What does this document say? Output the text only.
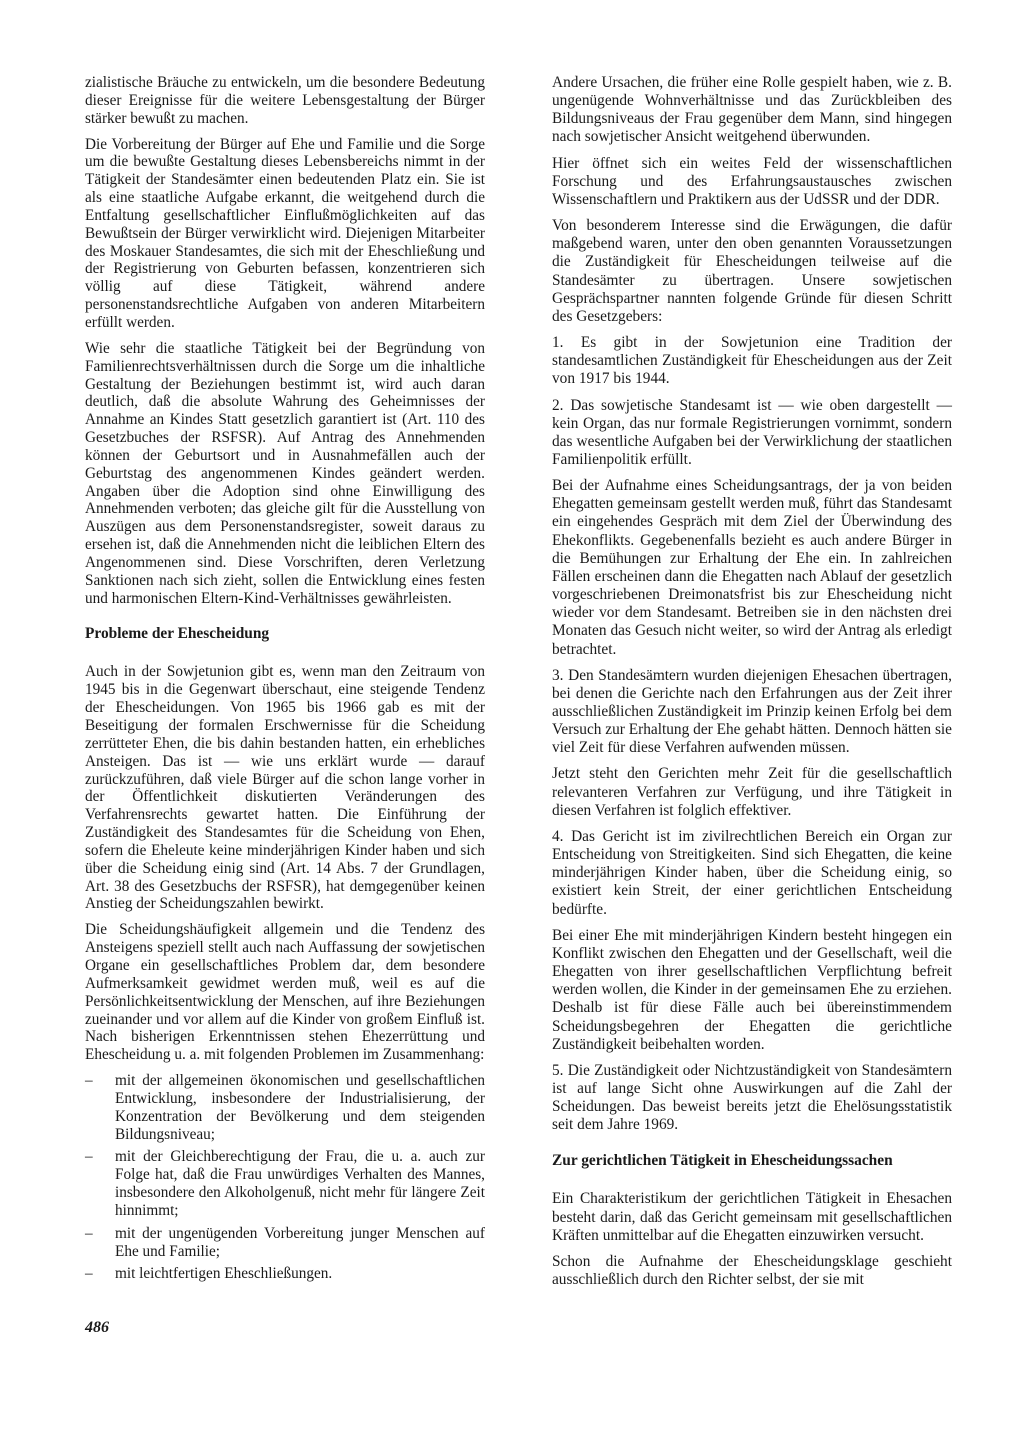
zialistische Bräuche zu entwickeln, um die besondere Bedeutung dieser Ereignisse für die weitere Lebensgestaltung der Bürger stärker bewußt zu machen.

Die Vorbereitung der Bürger auf Ehe und Familie und die Sorge um die bewußte Gestaltung dieses Lebensbereichs nimmt in der Tätigkeit der Standesämter einen bedeutenden Platz ein. Sie ist als eine staatliche Aufgabe erkannt, die weitgehend durch die Entfaltung gesellschaftlicher Einflußmöglichkeiten auf das Bewußtsein der Bürger verwirklicht wird. Diejenigen Mitarbeiter des Moskauer Standesamtes, die sich mit der Eheschließung und der Registrierung von Geburten befassen, konzentrieren sich völlig auf diese Tätigkeit, während andere personenstandsrechtliche Aufgaben von anderen Mitarbeitern erfüllt werden.

Wie sehr die staatliche Tätigkeit bei der Begründung von Familienrechtsverhältnissen durch die Sorge um die inhaltliche Gestaltung der Beziehungen bestimmt ist, wird auch daran deutlich, daß die absolute Wahrung des Geheimnisses der Annahme an Kindes Statt gesetzlich garantiert ist (Art. 110 des Gesetzbuches der RSFSR). Auf Antrag des Annehmenden können der Geburtsort und in Ausnahmefällen auch der Geburtstag des angenommenen Kindes geändert werden. Angaben über die Adoption sind ohne Einwilligung des Annehmenden verboten; das gleiche gilt für die Ausstellung von Auszügen aus dem Personenstandsregister, soweit daraus zu ersehen ist, daß die Annehmenden nicht die leiblichen Eltern des Angenommenen sind. Diese Vorschriften, deren Verletzung Sanktionen nach sich zieht, sollen die Entwicklung eines festen und harmonischen Eltern-Kind-Verhältnisses gewährleisten.

Probleme der Ehescheidung

Auch in der Sowjetunion gibt es, wenn man den Zeitraum von 1945 bis in die Gegenwart überschaut, eine steigende Tendenz der Ehescheidungen. Von 1965 bis 1966 gab es mit der Beseitigung der formalen Erschwernisse für die Scheidung zerrütteter Ehen, die bis dahin bestanden hatten, ein erhebliches Ansteigen. Das ist — wie uns erklärt wurde — darauf zurückzuführen, daß viele Bürger auf die schon lange vorher in der Öffentlichkeit diskutierten Veränderungen des Verfahrensrechts gewartet hatten. Die Einführung der Zuständigkeit des Standesamtes für die Scheidung von Ehen, sofern die Eheleute keine minderjährigen Kinder haben und sich über die Scheidung einig sind (Art. 14 Abs. 7 der Grundlagen, Art. 38 des Gesetzbuchs der RSFSR), hat demgegenüber keinen Anstieg der Scheidungszahlen bewirkt.

Die Scheidungshäufigkeit allgemein und die Tendenz des Ansteigens speziell stellt auch nach Auffassung der sowjetischen Organe ein gesellschaftliches Problem dar, dem besondere Aufmerksamkeit gewidmet werden muß, weil es auf die Persönlichkeitsentwicklung der Menschen, auf ihre Beziehungen zueinander und vor allem auf die Kinder von großem Einfluß ist. Nach bisherigen Erkenntnissen stehen Ehezerrüttung und Ehescheidung u. a. mit folgenden Problemen im Zusammenhang:

– mit der allgemeinen ökonomischen und gesellschaftlichen Entwicklung, insbesondere der Industrialisierung, der Konzentration der Bevölkerung und dem steigenden Bildungsniveau;
– mit der Gleichberechtigung der Frau, die u. a. auch zur Folge hat, daß die Frau unwürdiges Verhalten des Mannes, insbesondere den Alkoholgenuß, nicht mehr für längere Zeit hinnimmt;
– mit der ungenügenden Vorbereitung junger Menschen auf Ehe und Familie;
– mit leichtfertigen Eheschließungen.

Andere Ursachen, die früher eine Rolle gespielt haben, wie z. B. ungenügende Wohnverhältnisse und das Zurückbleiben des Bildungsniveaus der Frau gegenüber dem Mann, sind hingegen nach sowjetischer Ansicht weitgehend überwunden.

Hier öffnet sich ein weites Feld der wissenschaftlichen Forschung und des Erfahrungsaustausches zwischen Wissenschaftlern und Praktikern aus der UdSSR und der DDR.

Von besonderem Interesse sind die Erwägungen, die dafür maßgebend waren, unter den oben genannten Voraussetzungen die Zuständigkeit für Ehescheidungen teilweise auf die Standesämter zu übertragen. Unsere sowjetischen Gesprächspartner nannten folgende Gründe für diesen Schritt des Gesetzgebers:

1. Es gibt in der Sowjetunion eine Tradition der standesamtlichen Zuständigkeit für Ehescheidungen aus der Zeit von 1917 bis 1944.

2. Das sowjetische Standesamt ist — wie oben dargestellt — kein Organ, das nur formale Registrierungen vornimmt, sondern das wesentliche Aufgaben bei der Verwirklichung der staatlichen Familienpolitik erfüllt.

Bei der Aufnahme eines Scheidungsantrags, der ja von beiden Ehegatten gemeinsam gestellt werden muß, führt das Standesamt ein eingehendes Gespräch mit dem Ziel der Überwindung des Ehekonflikts. Gegebenenfalls bezieht es auch andere Bürger in die Bemühungen zur Erhaltung der Ehe ein. In zahlreichen Fällen erscheinen dann die Ehegatten nach Ablauf der gesetzlich vorgeschriebenen Dreimonatsfrist bis zur Ehescheidung nicht wieder vor dem Standesamt. Betreiben sie in den nächsten drei Monaten das Gesuch nicht weiter, so wird der Antrag als erledigt betrachtet.

3. Den Standesämtern wurden diejenigen Ehesachen übertragen, bei denen die Gerichte nach den Erfahrungen aus der Zeit ihrer ausschließlichen Zuständigkeit im Prinzip keinen Erfolg bei dem Versuch zur Erhaltung der Ehe gehabt hätten. Dennoch hätten sie viel Zeit für diese Verfahren aufwenden müssen.

Jetzt steht den Gerichten mehr Zeit für die gesellschaftlich relevanteren Verfahren zur Verfügung, und ihre Tätigkeit in diesen Verfahren ist folglich effektiver.

4. Das Gericht ist im zivilrechtlichen Bereich ein Organ zur Entscheidung von Streitigkeiten. Sind sich Ehegatten, die keine minderjährigen Kinder haben, über die Scheidung einig, so existiert kein Streit, der einer gerichtlichen Entscheidung bedürfte.

Bei einer Ehe mit minderjährigen Kindern besteht hingegen ein Konflikt zwischen den Ehegatten und der Gesellschaft, weil die Ehegatten von ihrer gesellschaftlichen Verpflichtung befreit werden wollen, die Kinder in der gemeinsamen Ehe zu erziehen. Deshalb ist für diese Fälle auch bei übereinstimmendem Scheidungsbegehren der Ehegatten die gerichtliche Zuständigkeit beibehalten worden.

5. Die Zuständigkeit oder Nichtzuständigkeit von Standesämtern ist auf lange Sicht ohne Auswirkungen auf die Zahl der Scheidungen. Das beweist bereits jetzt die Ehelösungsstatistik seit dem Jahre 1969.

Zur gerichtlichen Tätigkeit in Ehescheidungssachen

Ein Charakteristikum der gerichtlichen Tätigkeit in Ehesachen besteht darin, daß das Gericht gemeinsam mit gesellschaftlichen Kräften unmittelbar auf die Ehegatten einzuwirken versucht.

Schon die Aufnahme der Ehescheidungsklage geschieht ausschließlich durch den Richter selbst, der sie mit

486
